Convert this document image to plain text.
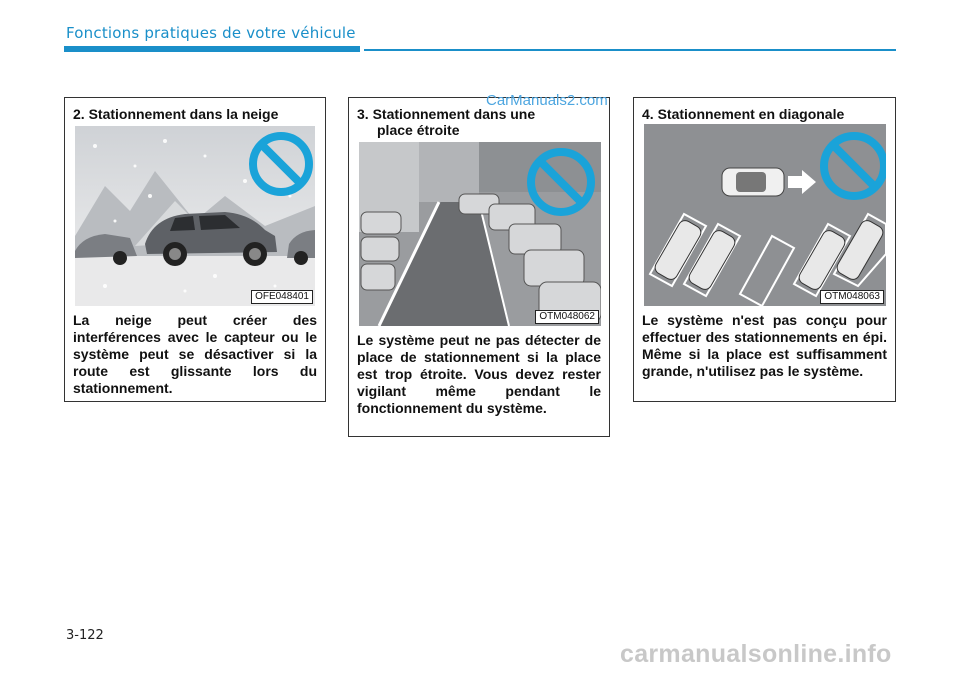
Fonctions pratiques de votre véhicule
2. Stationnement dans la neige
OFE048401
La neige peut créer des interférences avec le capteur ou le système peut se désactiver si la route est glissante lors du stationnement.
3. Stationnement dans une
place étroite
OTM048062
Le système peut ne pas détecter de place de stationnement si la place est trop étroite. Vous devez rester vigilant même pendant le fonctionnement du système.
4. Stationnement en diagonale
OTM048063
Le système n'est pas conçu pour effectuer des stationnements en épi. Même si la place est suffisamment grande, n'utilisez pas le système.
CarManuals2.com
3-122
carmanualsonline.info
